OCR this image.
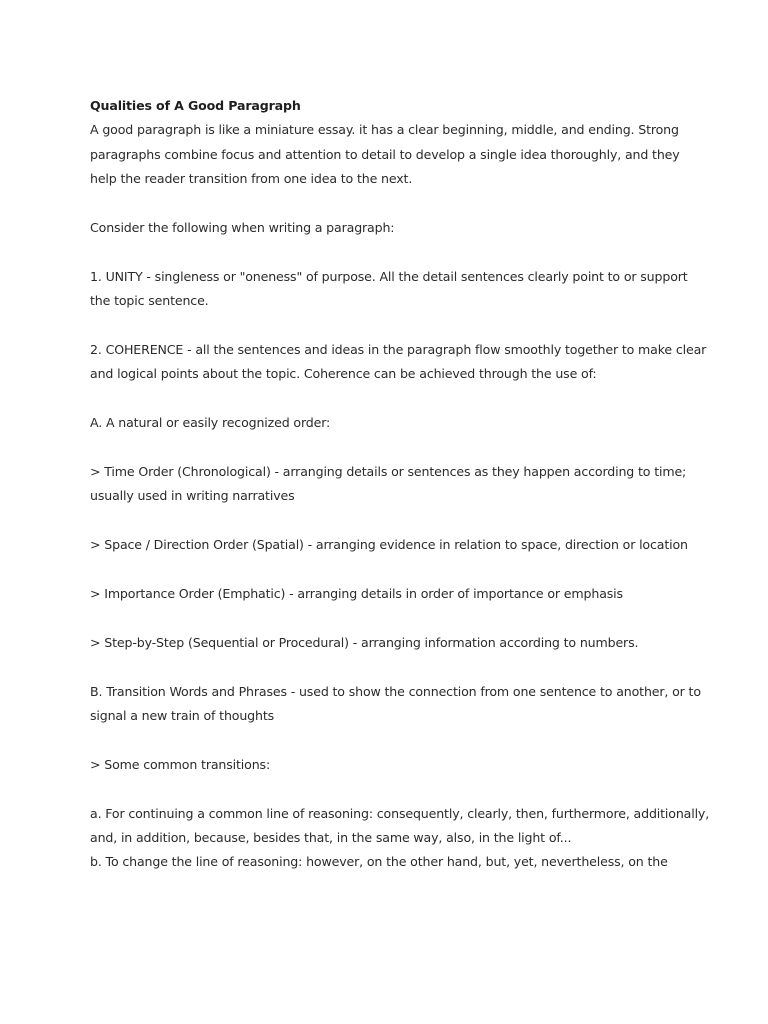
Qualities of A Good Paragraph

A good paragraph is like a miniature essay. it has a clear beginning, middle, and ending. Strong paragraphs combine focus and attention to detail to develop a single idea thoroughly, and they help the reader transition from one idea to the next.

Consider the following when writing a paragraph:

1. UNITY - singleness or "oneness" of purpose. All the detail sentences clearly point to or support the topic sentence.

2. COHERENCE - all the sentences and ideas in the paragraph flow smoothly together to make clear and logical points about the topic. Coherence can be achieved through the use of:

A. A natural or easily recognized order:

> Time Order (Chronological) - arranging details or sentences as they happen according to time; usually used in writing narratives

> Space / Direction Order (Spatial) - arranging evidence in relation to space, direction or location

> Importance Order (Emphatic) - arranging details in order of importance or emphasis

> Step-by-Step (Sequential or Procedural) - arranging information according to numbers.

B. Transition Words and Phrases - used to show the connection from one sentence to another, or to signal a new train of thoughts

> Some common transitions:

a. For continuing a common line of reasoning: consequently, clearly, then, furthermore, additionally, and, in addition, because, besides that, in the same way, also, in the light of...

b. To change the line of reasoning: however, on the other hand, but, yet, nevertheless, on the
